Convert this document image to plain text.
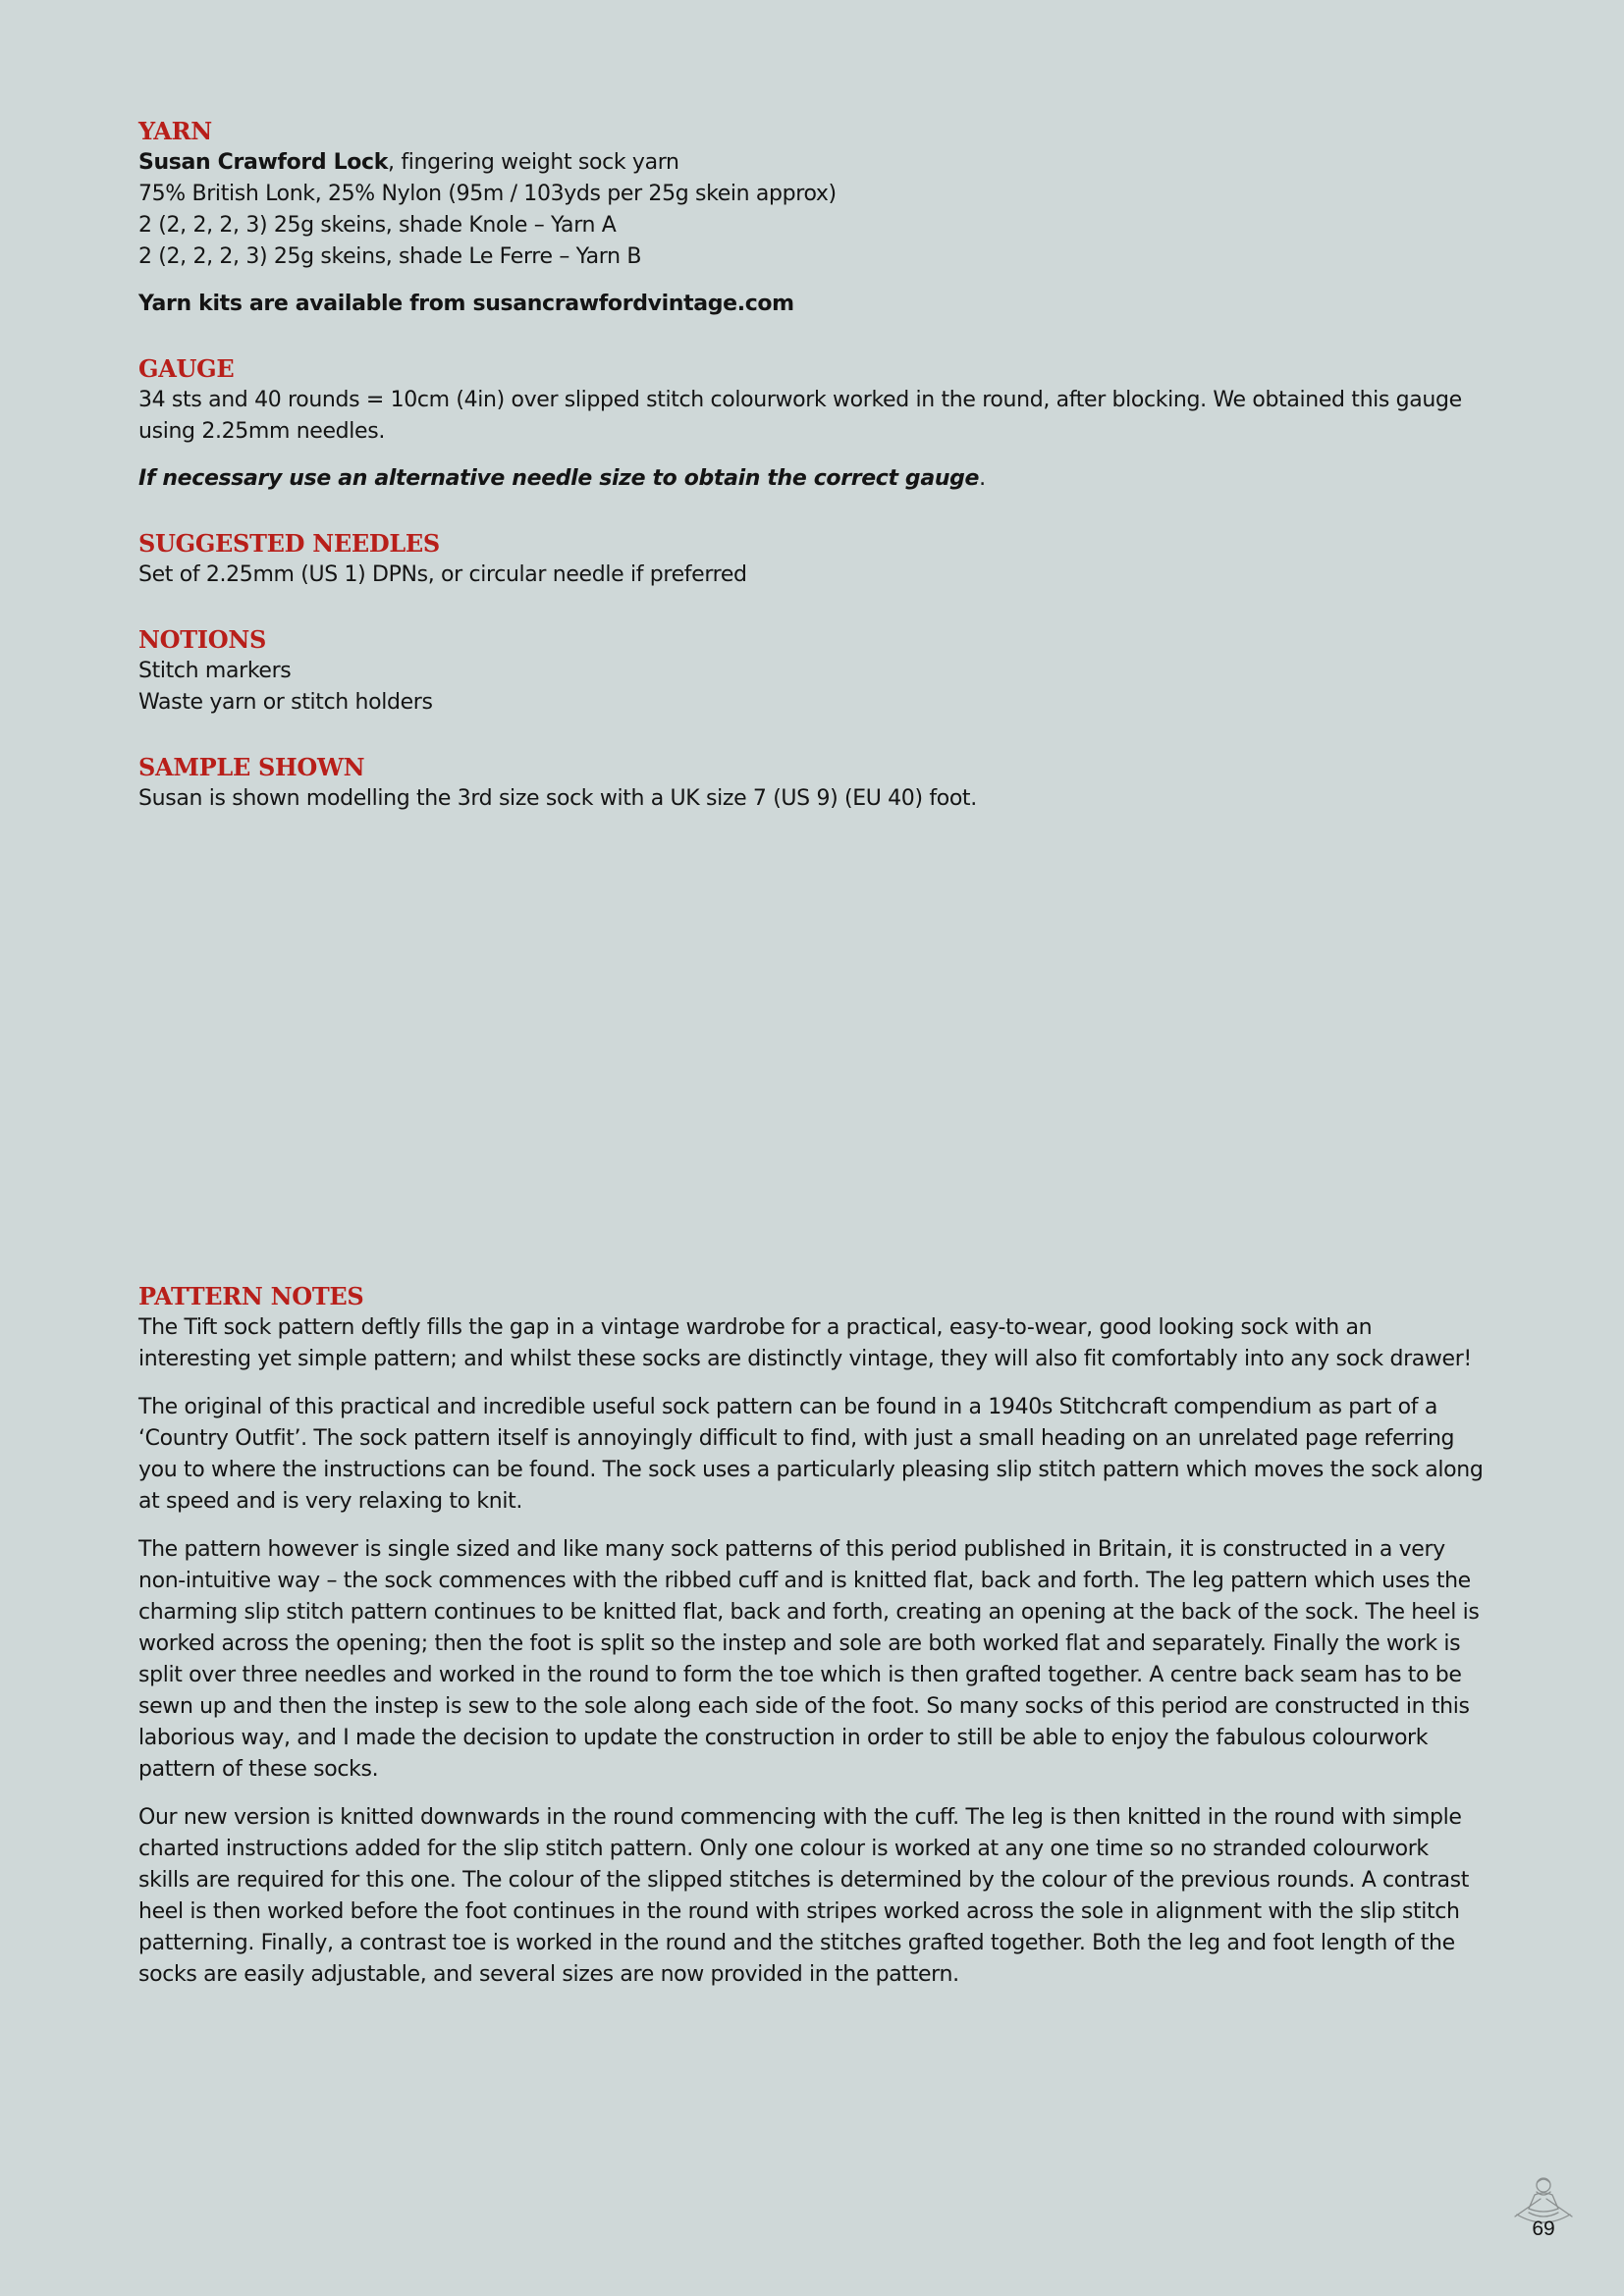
YARN

Susan Crawford Lock, fingering weight sock yarn

75% British Lonk, 25% Nylon (95m / 103yds per 25g skein approx)

2 (2, 2, 2, 3) 25g skeins, shade Knole – Yarn A

2 (2, 2, 2, 3) 25g skeins, shade Le Ferre – Yarn B

Yarn kits are available from susancrawfordvintage.com

GAUGE

34 sts and 40 rounds = 10cm (4in) over slipped stitch colourwork worked in the round, after blocking. We obtained this gauge using 2.25mm needles.

If necessary use an alternative needle size to obtain the correct gauge.

SUGGESTED NEEDLES

Set of 2.25mm (US 1) DPNs, or circular needle if preferred

NOTIONS

Stitch markers

Waste yarn or stitch holders

SAMPLE SHOWN

Susan is shown modelling the 3rd size sock with a UK size 7 (US 9) (EU 40) foot.

PATTERN NOTES

The Tift sock pattern deftly fills the gap in a vintage wardrobe for a practical, easy-to-wear, good looking sock with an interesting yet simple pattern; and whilst these socks are distinctly vintage, they will also fit comfortably into any sock drawer!

The original of this practical and incredible useful sock pattern can be found in a 1940s Stitchcraft compendium as part of a ‘Country Outfit’. The sock pattern itself is annoyingly difficult to find, with just a small heading on an unrelated page referring you to where the instructions can be found. The sock uses a particularly pleasing slip stitch pattern which moves the sock along at speed and is very relaxing to knit.

The pattern however is single sized and like many sock patterns of this period published in Britain, it is constructed in a very non-intuitive way – the sock commences with the ribbed cuff and is knitted flat, back and forth. The leg pattern which uses the charming slip stitch pattern continues to be knitted flat, back and forth, creating an opening at the back of the sock. The heel is worked across the opening; then the foot is split so the instep and sole are both worked flat and separately. Finally the work is split over three needles and worked in the round to form the toe which is then grafted together. A centre back seam has to be sewn up and then the instep is sew to the sole along each side of the foot. So many socks of this period are constructed in this laborious way, and I made the decision to update the construction in order to still be able to enjoy the fabulous colourwork pattern of these socks.

Our new version is knitted downwards in the round commencing with the cuff. The leg is then knitted in the round with simple charted instructions added for the slip stitch pattern. Only one colour is worked at any one time so no stranded colourwork skills are required for this one. The colour of the slipped stitches is determined by the colour of the previous rounds. A contrast heel is then worked before the foot continues in the round with stripes worked across the sole in alignment with the slip stitch patterning. Finally, a contrast toe is worked in the round and the stitches grafted together. Both the leg and foot length of the socks are easily adjustable, and several sizes are now provided in the pattern.

69
